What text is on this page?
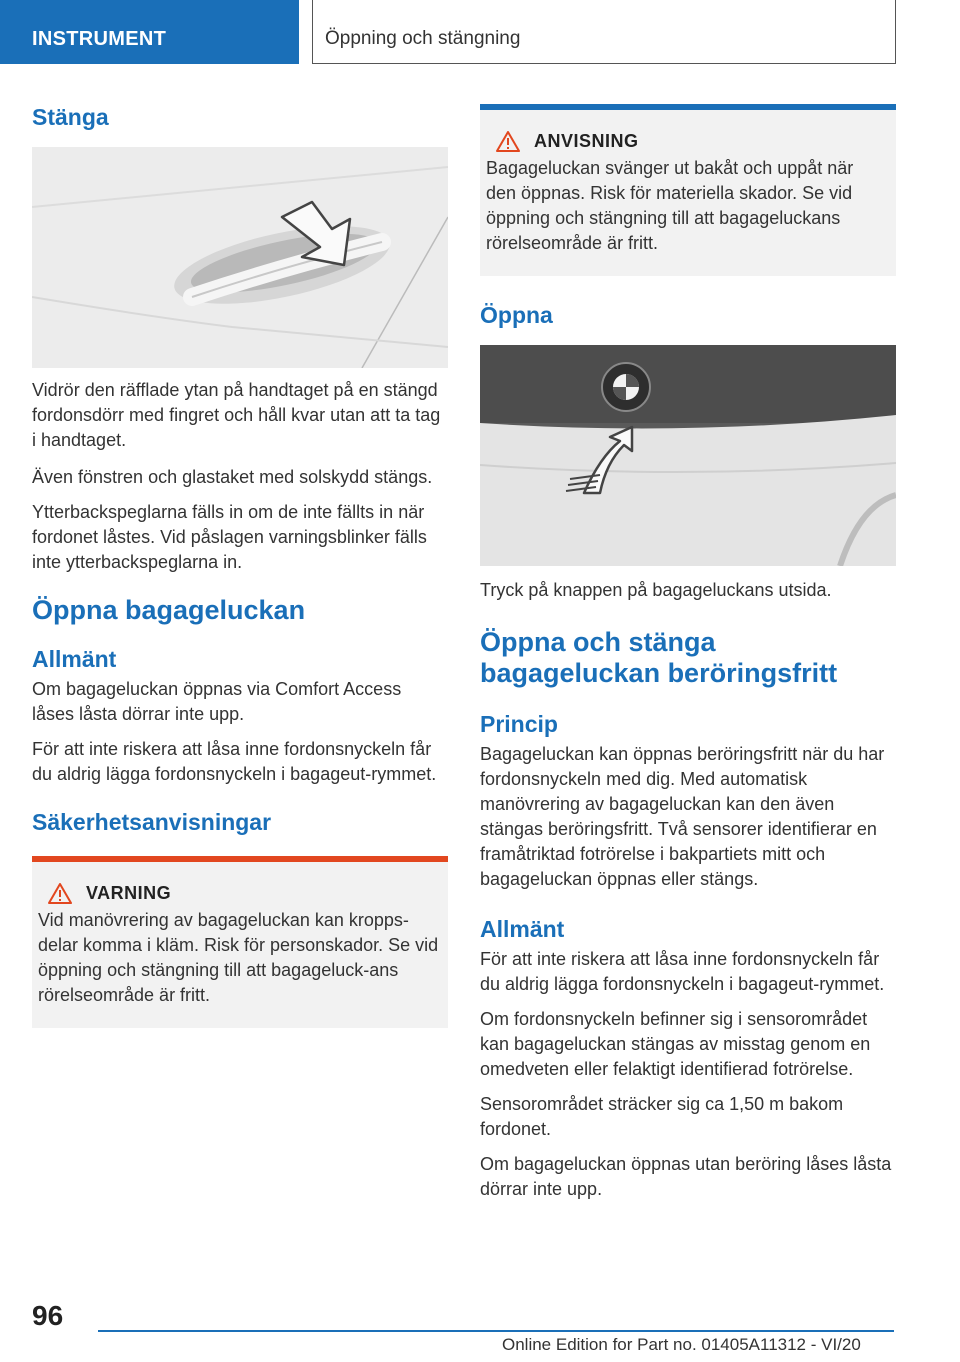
INSTRUMENT	Öppning och stängning
Stänga

Vidrör den räfflade ytan på handtaget på en stängd fordonsdörr med fingret och håll kvar utan att ta tag i handtaget.

Även fönstren och glastaket med solskydd stängs.

Ytterbackspeglarna fälls in om de inte fällts in när fordonet låstes. Vid påslagen varningsblinker fälls inte ytterbackspeglarna in.

Öppna bagageluckan
Allmänt

Om bagageluckan öppnas via Comfort Access låses låsta dörrar inte upp.

För att inte riskera att låsa inne fordonsnyckeln får du aldrig lägga fordonsnyckeln i bagageut-rymmet.

Säkerhetsanvisningar
VARNING

Vid manövrering av bagageluckan kan kropps-delar komma i kläm. Risk för personskador. Se vid öppning och stängning till att bagageluck-ans rörelseområde är fritt.

ANVISNING

Bagageluckan svänger ut bakåt och uppåt när den öppnas. Risk för materiella skador. Se vid öppning och stängning till att bagageluckans rörelseområde är fritt.

Öppna

Tryck på knappen på bagageluckans utsida.

Öppna och stänga bagageluckan beröringsfritt
Princip

Bagageluckan kan öppnas beröringsfritt när du har fordonsnyckeln med dig. Med automatisk manövrering av bagageluckan kan den även stängas beröringsfritt. Två sensorer identifierar en framåtriktad fotrörelse i bakpartiets mitt och bagageluckan öppnas eller stängs.

Allmänt

För att inte riskera att låsa inne fordonsnyckeln får du aldrig lägga fordonsnyckeln i bagageut-rymmet.

Om fordonsnyckeln befinner sig i sensorområdet kan bagageluckan stängas av misstag genom en omedveten eller felaktigt identifierad fotrörelse.

Sensorområdet sträcker sig ca 1,50 m bakom fordonet.

Om bagageluckan öppnas utan beröring låses låsta dörrar inte upp.

96
Online Edition for Part no. 01405A11312 - VI/20
